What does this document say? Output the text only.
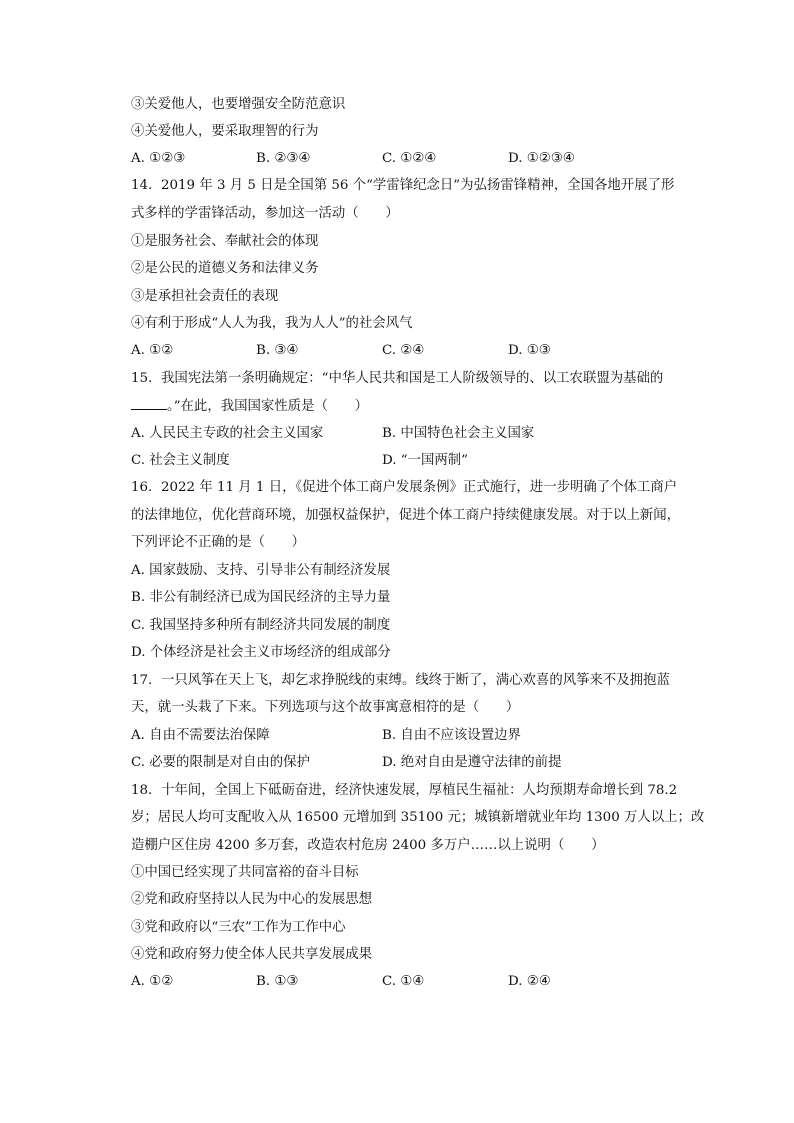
③关爱他人，也要增强安全防范意识
④关爱他人，要采取理智的行为
A. ①②③	B. ②③④	C. ①②④	D. ①②③④
14. 2019 年 3 月 5 日是全国第 56 个“学雷锋纪念日”为弘扬雷锋精神，全国各地开展了形
式多样的学雷锋活动，参加这一活动（　　）
①是服务社会、奉献社会的体现
②是公民的道德义务和法律义务
③是承担社会责任的表现
④有利于形成“人人为我，我为人人”的社会风气
A. ①②	B. ③④	C. ②④	D. ①③
15. 我国宪法第一条明确规定：“中华人民共和国是工人阶级领导的、以工农联盟为基础的
。”在此，我国国家性质是（　　）
A. 人民民主专政的社会主义国家	B. 中国特色社会主义国家
C. 社会主义制度	D. “一国两制”
16. 2022 年 11 月 1 日，《促进个体工商户发展条例》正式施行，进一步明确了个体工商户
的法律地位，优化营商环境，加强权益保护，促进个体工商户持续健康发展。对于以上新闻，
下列评论不正确的是（　　）
A. 国家鼓励、支持、引导非公有制经济发展
B. 非公有制经济已成为国民经济的主导力量
C. 我国坚持多种所有制经济共同发展的制度
D. 个体经济是社会主义市场经济的组成部分
17. 一只风筝在天上飞，却乞求挣脱线的束缚。线终于断了，满心欢喜的风筝来不及拥抱蓝
天，就一头栽了下来。下列选项与这个故事寓意相符的是（　　）
A. 自由不需要法治保障	B. 自由不应该设置边界
C. 必要的限制是对自由的保护	D. 绝对自由是遵守法律的前提
18. 十年间，全国上下砥砺奋进，经济快速发展，厚植民生福祉：人均预期寿命增长到 78.2
岁；居民人均可支配收入从 16500 元增加到 35100 元；城镇新增就业年均 1300 万人以上；改
造棚户区住房 4200 多万套，改造农村危房 2400 多万户……以上说明（　　）
①中国已经实现了共同富裕的奋斗目标
②党和政府坚持以人民为中心的发展思想
③党和政府以“三农”工作为工作中心
④党和政府努力使全体人民共享发展成果
A. ①②	B. ①③	C. ①④	D. ②④
